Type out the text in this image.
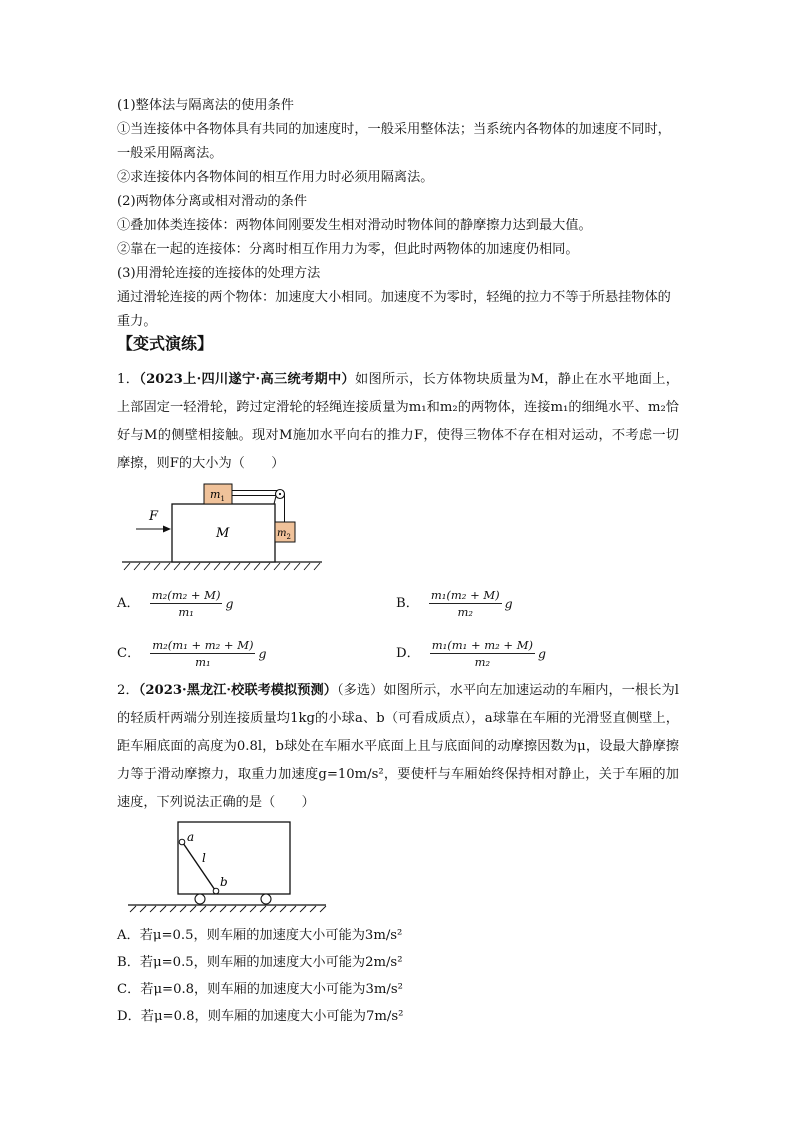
(1)整体法与隔离法的使用条件
①当连接体中各物体具有共同的加速度时，一般采用整体法；当系统内各物体的加速度不同时，一般采用隔离法。
②求连接体内各物体间的相互作用力时必须用隔离法。
(2)两物体分离或相对滑动的条件
①叠加体类连接体：两物体间刚要发生相对滑动时物体间的静摩擦力达到最大值。
②靠在一起的连接体：分离时相互作用力为零，但此时两物体的加速度仍相同。
(3)用滑轮连接的连接体的处理方法
通过滑轮连接的两个物体：加速度大小相同。加速度不为零时，轻绳的拉力不等于所悬挂物体的重力。
【变式演练】
1．（2023上·四川遂宁·高三统考期中）如图所示，长方体物块质量为M，静止在水平地面上，上部固定一轻滑轮，跨过定滑轮的轻绳连接质量为m₁和m₂的两物体，连接m₁的细绳水平、m₂恰好与M的侧壁相接触。现对M施加水平向右的推力F，使得三物体不存在相对运动，不考虑一切摩擦，则F的大小为（　　）
M
F
$m_1$
$m_2$
A． $\frac{\text{m₂(m₂ + M)}}{\text{m₁}}$ g	B． $\frac{\text{m₁(m₂ + M)}}{\text{m₂}}$ g
C． $\frac{\text{m₂(m₁ + m₂ + M)}}{\text{m₁}}$ g	D． $\frac{\text{m₁(m₁ + m₂ + M)}}{\text{m₂}}$ g
2．（2023·黑龙江·校联考模拟预测）（多选）如图所示，水平向左加速运动的车厢内，一根长为l的轻质杆两端分别连接质量均1kg的小球a、b（可看成质点），a球靠在车厢的光滑竖直侧壁上，距车厢底面的高度为0.8l，b球处在车厢水平底面上且与底面间的动摩擦因数为μ，设最大静摩擦力等于滑动摩擦力，取重力加速度g=10m/s²，要使杆与车厢始终保持相对静止，关于车厢的加速度，下列说法正确的是（　　）
a
l
b
A．若μ=0.5，则车厢的加速度大小可能为3m/s²
B．若μ=0.5，则车厢的加速度大小可能为2m/s²
C．若μ=0.8，则车厢的加速度大小可能为3m/s²
D．若μ=0.8，则车厢的加速度大小可能为7m/s²
